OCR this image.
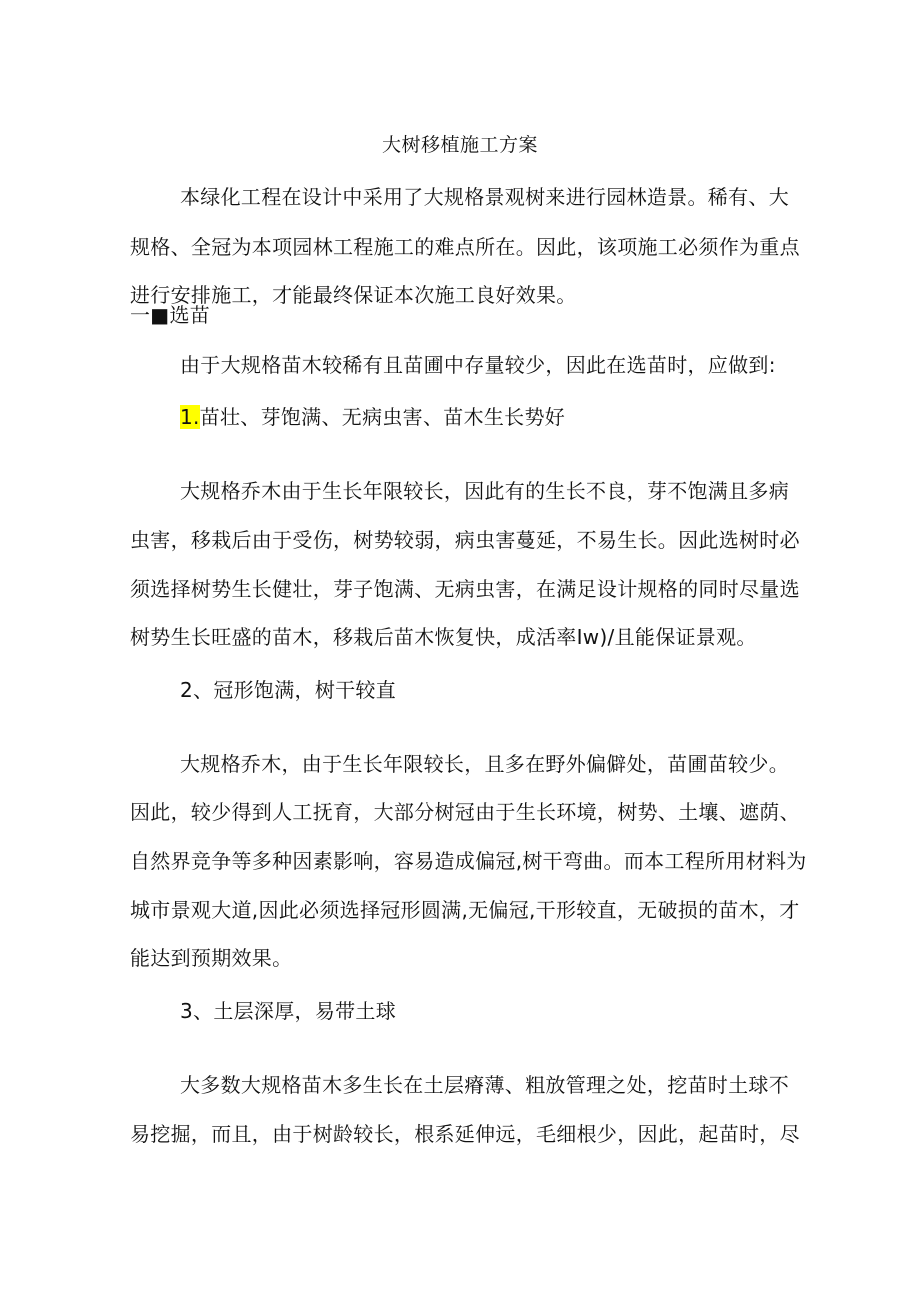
大树移植施工方案
本绿化工程在设计中采用了大规格景观树来进行园林造景。稀有、大
规格、全冠为本项园林工程施工的难点所在。因此，该项施工必须作为重点
进行安排施工，才能最终保证本次施工良好效果。
一■选苗
由于大规格苗木较稀有且苗圃中存量较少，因此在选苗时，应做到:
1.苗壮、芽饱满、无病虫害、苗木生长势好
大规格乔木由于生长年限较长，因此有的生长不良，芽不饱满且多病
虫害，移栽后由于受伤，树势较弱，病虫害蔓延，不易生长。因此选树时必
须选择树势生长健壮，芽子饱满、无病虫害，在满足设计规格的同时尽量选
树势生长旺盛的苗木，移栽后苗木恢复快，成活率Iw)/且能保证景观。
2、冠形饱满，树干较直
大规格乔木，由于生长年限较长，且多在野外偏僻处，苗圃苗较少。
因此，较少得到人工抚育，大部分树冠由于生长环境，树势、土壤、遮荫、
自然界竞争等多种因素影响，容易造成偏冠,树干弯曲。而本工程所用材料为
城市景观大道,因此必须选择冠形圆满,无偏冠,干形较直，无破损的苗木，才
能达到预期效果。
3、土层深厚，易带土球
大多数大规格苗木多生长在土层瘠薄、粗放管理之处，挖苗时土球不
易挖掘，而且，由于树龄较长，根系延伸远，毛细根少，因此，起苗时，尽
